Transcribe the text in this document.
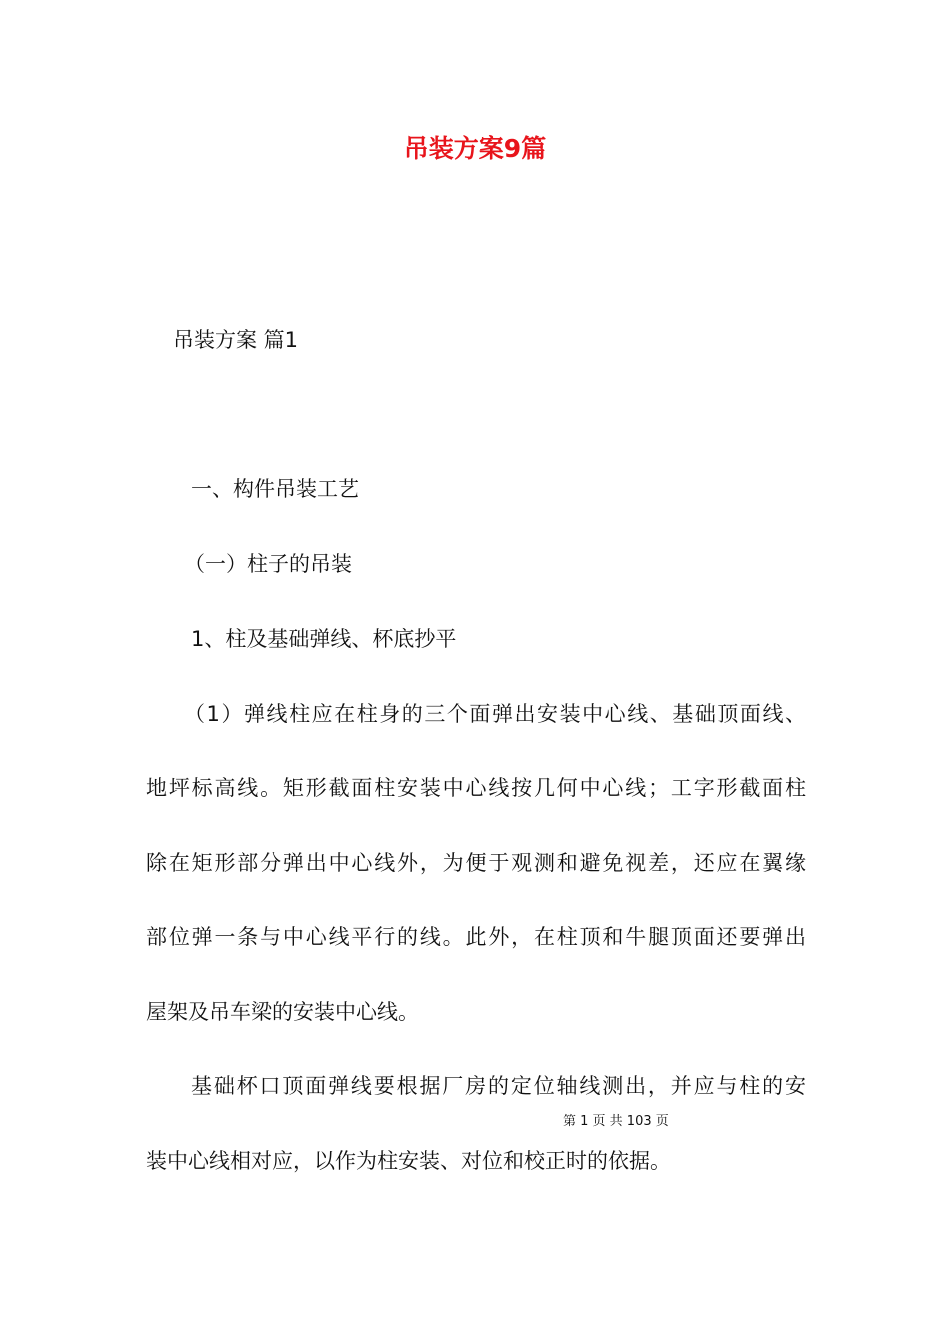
吊装方案9篇

吊装方案 篇1

一、构件吊装工艺

（一）柱子的吊装

1、柱及基础弹线、杯底抄平

（1）弹线柱应在柱身的三个面弹出安装中心线、基础顶面线、

地坪标高线。矩形截面柱安装中心线按几何中心线；工字形截面柱

除在矩形部分弹出中心线外，为便于观测和避免视差，还应在翼缘

部位弹一条与中心线平行的线。此外，在柱顶和牛腿顶面还要弹出

屋架及吊车梁的安装中心线。

基础杯口顶面弹线要根据厂房的定位轴线测出，并应与柱的安

第 1 页 共 103 页

装中心线相对应，以作为柱安装、对位和校正时的依据。
